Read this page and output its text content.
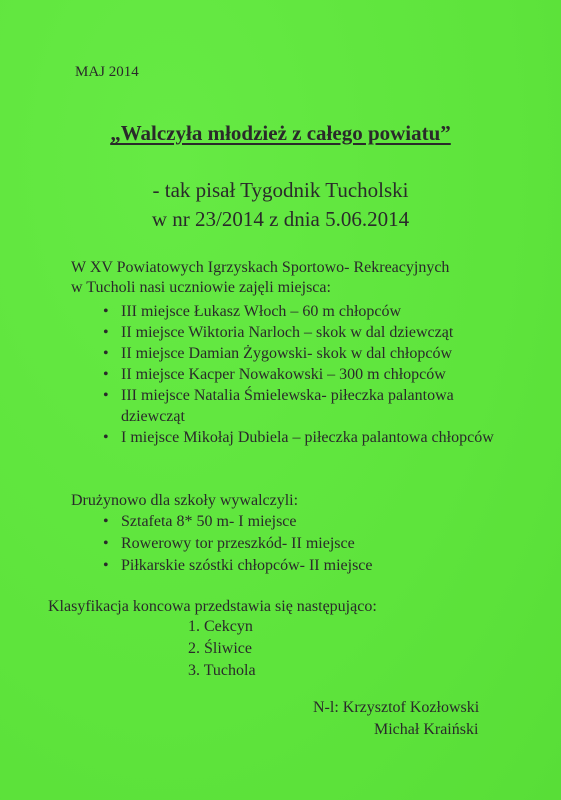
MAJ 2014
„Walczyła młodzież z całego powiatu”
- tak pisał Tygodnik Tucholski
w nr 23/2014 z dnia 5.06.2014
W XV Powiatowych Igrzyskach Sportowo- Rekreacyjnych
w Tucholi nasi uczniowie zajęli miejsca:
• III miejsce Łukasz Włoch – 60 m chłopców
• II miejsce Wiktoria Narloch – skok w dal dziewcząt
• II miejsce Damian Żygowski- skok w dal chłopców
• II miejsce Kacper Nowakowski – 300 m chłopców
• III miejsce Natalia Śmielewska- piłeczka palantowa dziewcząt
• I miejsce Mikołaj Dubiela – piłeczka palantowa chłopców
Drużynowo dla szkoły wywalczyli:
• Sztafeta 8* 50 m- I miejsce
• Rowerowy tor przeszkód- II miejsce
• Piłkarskie szóstki chłopców- II miejsce
Klasyfikacja koncowa przedstawia się następująco:
1. Cekcyn
2. Śliwice
3. Tuchola
N-l: Krzysztof Kozłowski
Michał Kraiński
